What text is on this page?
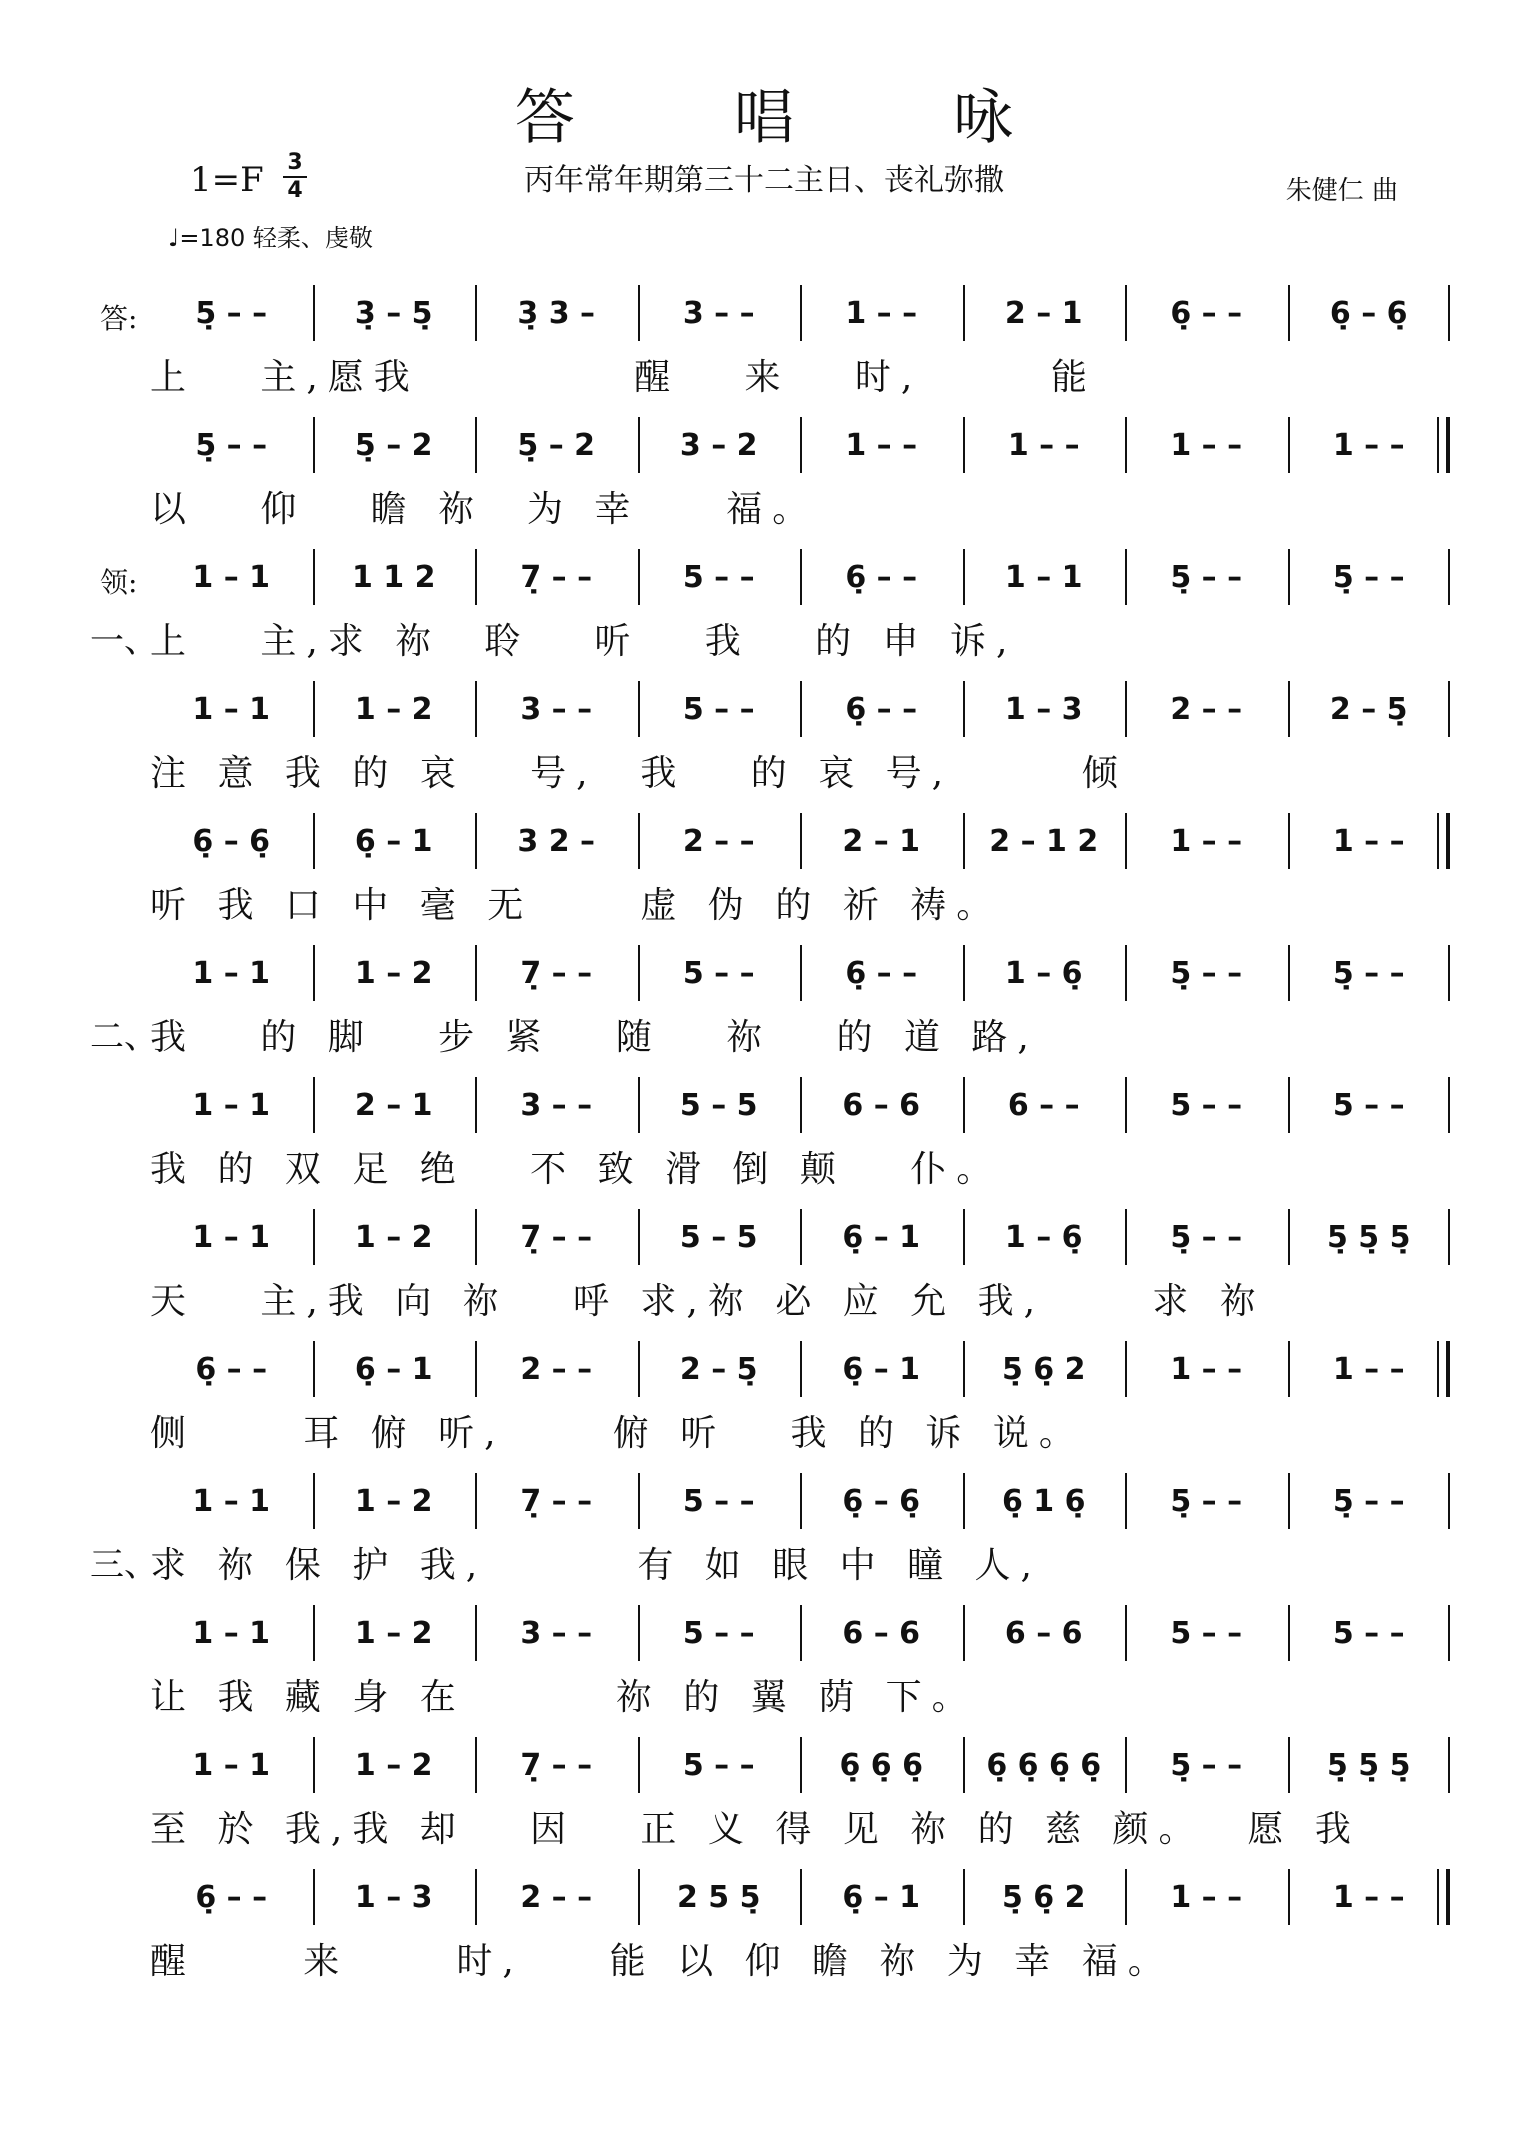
答 唱 咏
丙年常年期第三十二主日、丧礼弥撒	朱健仁 曲
1=F 3
4
♩=180 轻柔、虔敬
答:	5̣ – –	3̣ – 5̣	3̣ 3 –	3 – –	1 – –	2 – 1	6̣ – –	6̣ – 6̣
上   主,愿我          醒   来   时,      能
5̣ – –	5̣ – 2	5̣ – 2	3 – 2	1 – –	1 – –	1 – –	1 – –
以   仰   瞻 祢  为 幸    福。
领:	1 – 1	1 1 2	7̣ – –	5 – –	6̣ – –	1 – 1	5̣ – –	5̣ – –
一、
上   主,求 祢  聆   听   我   的 申 诉,
1 – 1	1 – 2	3 – –	5 – –	6̣ – –	1 – 3	2 – –	2 – 5̣
注 意 我 的 哀   号,  我   的 哀 号,      倾
6̣ – 6̣	6̣ – 1	3 2 –	2 – –	2 – 1	2 – 1 2	1 – –	1 – –
听 我 口 中 毫 无     虚 伪 的 祈 祷。
1 – 1	1 – 2	7̣ – –	5 – –	6̣ – –	1 – 6̣	5̣ – –	5̣ – –
二、
我   的 脚   步 紧   随   祢   的 道 路,
1 – 1	2 – 1	3 – –	5 – 5	6 – 6	6 – –	5 – –	5 – –
我 的 双 足 绝   不 致 滑 倒 颠   仆。
1 – 1	1 – 2	7̣ – –	5 – 5	6̣ – 1	1 – 6̣	5̣ – –	5̣ 5̣ 5̣
天   主,我 向 祢   呼 求,祢 必 应 允 我,     求 祢
6̣ – –	6̣ – 1	2 – –	2 – 5̣	6̣ – 1	5̣ 6̣ 2	1 – –	1 – –
侧     耳 俯 听,     俯 听   我 的 诉 说。
1 – 1	1 – 2	7̣ – –	5 – –	6̣ – 6̣	6̣ 1 6̣	5̣ – –	5̣ – –
三、
求 祢 保 护 我,       有 如 眼 中 瞳 人,
1 – 1	1 – 2	3 – –	5 – –	6 – 6	6 – 6	5 – –	5 – –
让 我 藏 身 在       祢 的 翼 荫 下。
1 – 1	1 – 2	7̣ – –	5 – –	6̣ 6̣ 6̣	6̣ 6̣ 6̣ 6̣	5̣ – –	5̣ 5̣ 5̣
至 於 我,我 却   因   正 义 得 见 祢 的 慈 颜。  愿 我
6̣ – –	1 – 3	2 – –	2 5 5̣	6̣ – 1	5̣ 6̣ 2	1 – –	1 – –
醒     来     时,    能 以 仰 瞻 祢 为 幸 福。
